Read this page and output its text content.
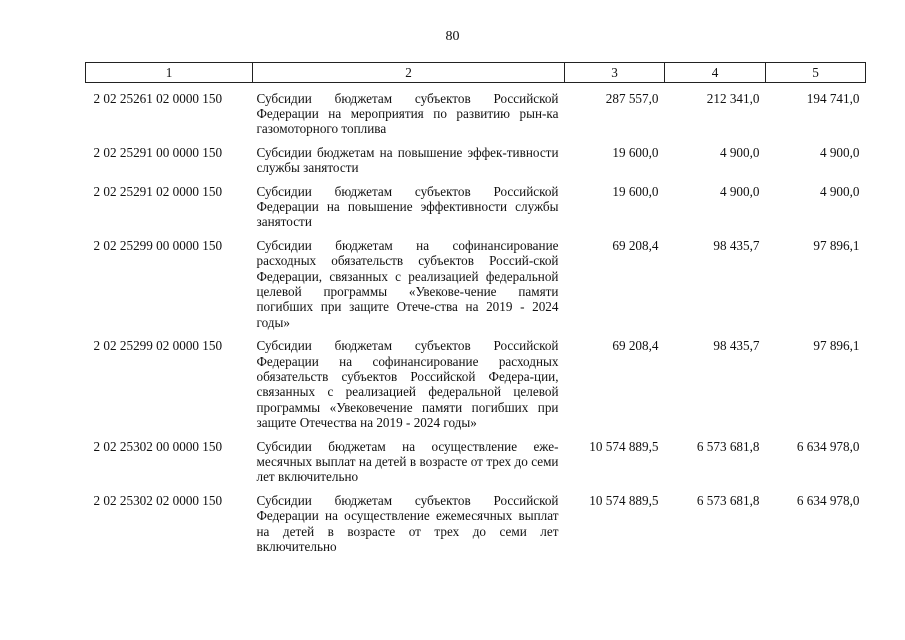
80
1	2	3	4	5

2 02 25261 02 0000 150	Субсидии бюджетам субъектов Российской Федерации на мероприятия по развитию рын-ка газомоторного топлива	287 557,0	212 341,0	194 741,0
2 02 25291 00 0000 150	Субсидии бюджетам на повышение эффек-тивности службы занятости	19 600,0	4 900,0	4 900,0
2 02 25291 02 0000 150	Субсидии бюджетам субъектов Российской Федерации на повышение эффективности службы занятости	19 600,0	4 900,0	4 900,0
2 02 25299 00 0000 150	Субсидии бюджетам на софинансирование расходных обязательств субъектов Россий-ской Федерации, связанных с реализацией федеральной целевой программы «Увекове-чение памяти погибших при защите Отече-ства на 2019 - 2024 годы»	69 208,4	98 435,7	97 896,1
2 02 25299 02 0000 150	Субсидии бюджетам субъектов Российской Федерации на софинансирование расходных обязательств субъектов Российской Федера-ции, связанных с реализацией федеральной целевой программы «Увековечение памяти погибших при защите Отечества на 2019 - 2024 годы»	69 208,4	98 435,7	97 896,1
2 02 25302 00 0000 150	Субсидии бюджетам на осуществление еже-месячных выплат на детей в возрасте от трех до семи лет включительно	10 574 889,5	6 573 681,8	6 634 978,0
2 02 25302 02 0000 150	Субсидии бюджетам субъектов Российской Федерации на осуществление ежемесячных выплат на детей в возрасте от трех до семи лет включительно	10 574 889,5	6 573 681,8	6 634 978,0
